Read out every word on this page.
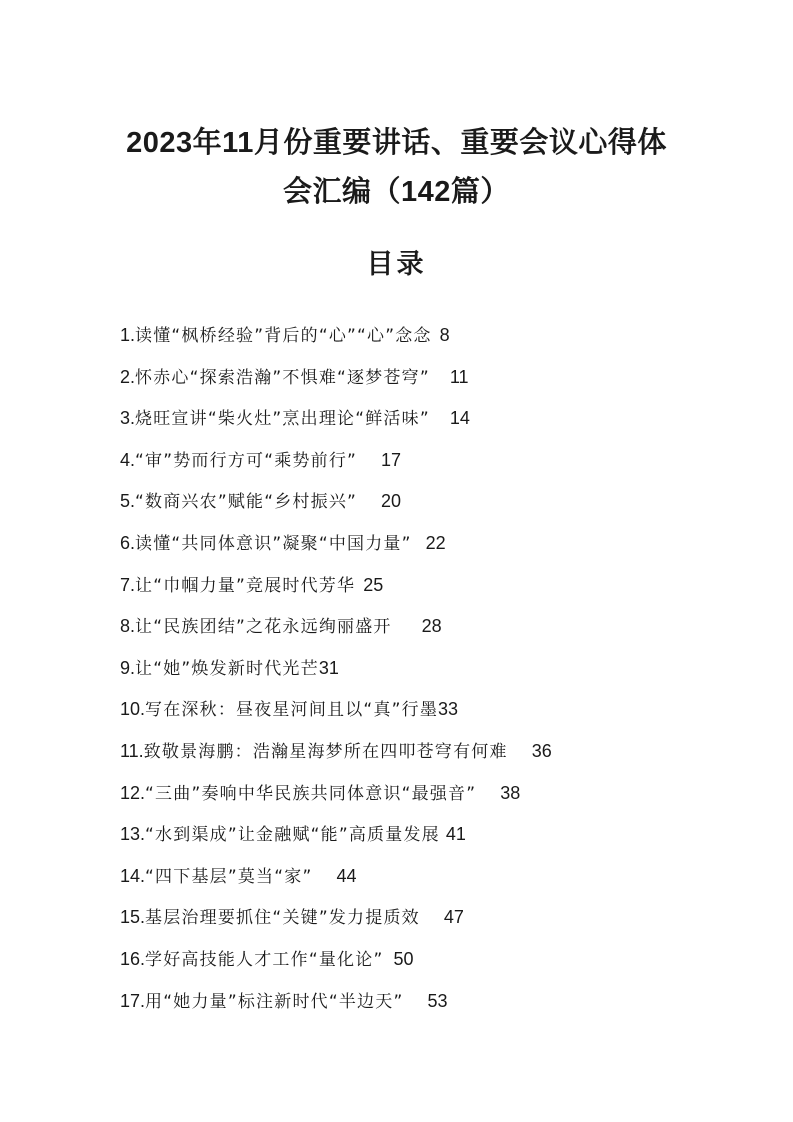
2023年11月份重要讲话、重要会议心得体
会汇编（142篇）
目录
1.读懂“枫桥经验”背后的“心”“心”念念 8
2.怀赤心“探索浩瀚”不惧难“逐梦苍穹” 11
3.烧旺宣讲“柴火灶”烹出理论“鲜活味” 14
4.“审”势而行方可“乘势前行” 17
5.“数商兴农”赋能“乡村振兴” 20
6.读懂“共同体意识”凝聚“中国力量” 22
7.让“巾帼力量”竞展时代芳华 25
8.让“民族团结”之花永远绚丽盛开 28
9.让“她”焕发新时代光芒31
10.写在深秋：昼夜星河间且以“真”行墨33
11.致敬景海鹏：浩瀚星海梦所在四叩苍穹有何难 36
12.“三曲”奏响中华民族共同体意识“最强音” 38
13.“水到渠成”让金融赋“能”高质量发展 41
14.“四下基层”莫当“家” 44
15.基层治理要抓住“关键”发力提质效 47
16.学好高技能人才工作“量化论” 50
17.用“她力量”标注新时代“半边天” 53
